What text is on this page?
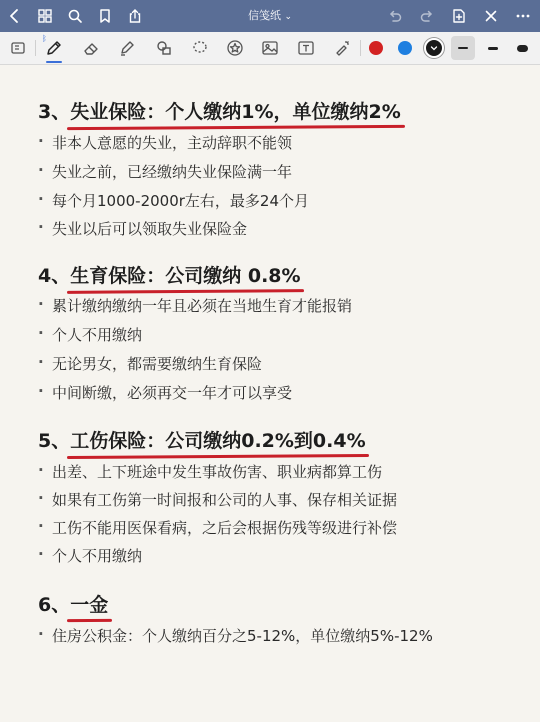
信笺纸 ⌄
ᛒ
3、失业保险：个人缴纳1%，单位缴纳2%
· 非本人意愿的失业，主动辞职不能领
· 失业之前，已经缴纳失业保险满一年
· 每个月1000-2000r左右，最多24个月
· 失业以后可以领取失业保险金
4、生育保险：公司缴纳 0.8%
· 累计缴纳缴纳一年且必须在当地生育才能报销
· 个人不用缴纳
· 无论男女，都需要缴纳生育保险
· 中间断缴，必须再交一年才可以享受
5、工伤保险：公司缴纳0.2%到0.4%
· 出差、上下班途中发生事故伤害、职业病都算工伤
· 如果有工伤第一时间报和公司的人事、保存相关证据
· 工伤不能用医保看病，之后会根据伤残等级进行补偿
· 个人不用缴纳
6、一金
· 住房公积金：个人缴纳百分之5-12%，单位缴纳5%-12%
